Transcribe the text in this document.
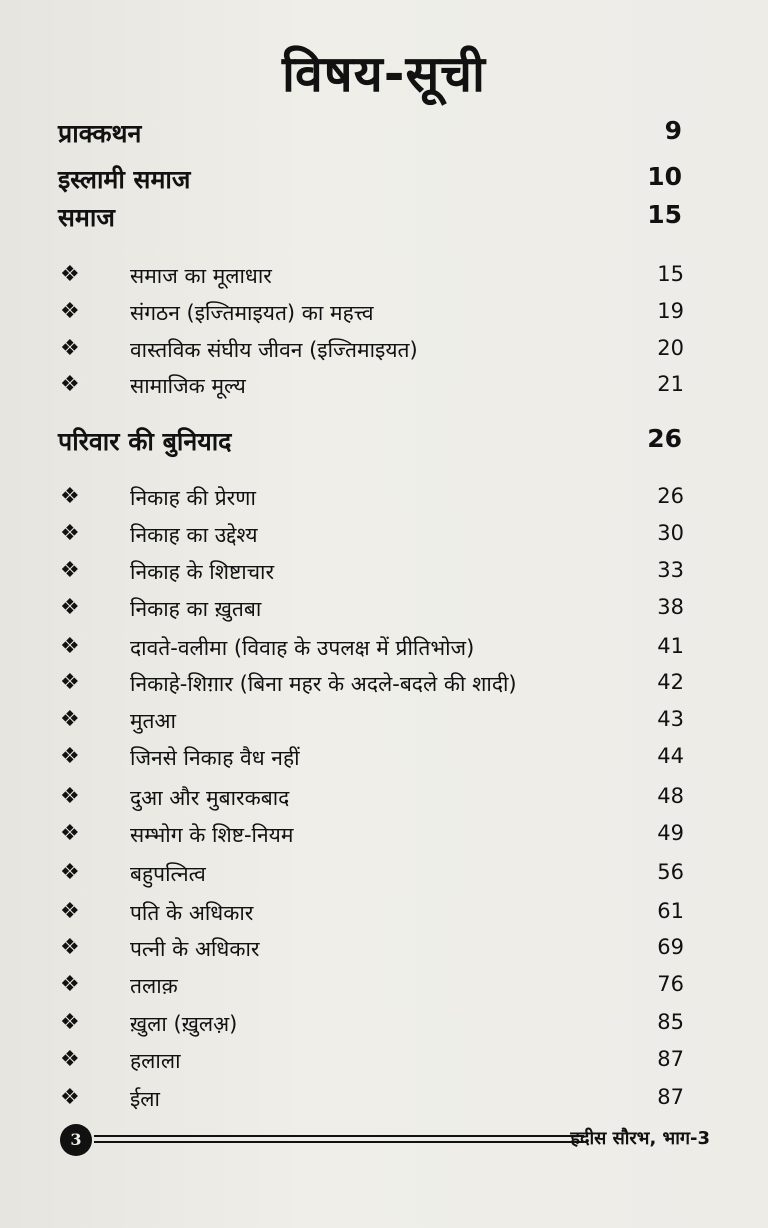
विषय-सूची
प्राक्कथन	9
इस्लामी समाज	10
समाज	15
❖ समाज का मूलाधार	15
❖ संगठन (इज्तिमाइयत) का महत्त्व	19
❖ वास्तविक संघीय जीवन (इज्तिमाइयत)	20
❖ सामाजिक मूल्य	21
परिवार की बुनियाद	26
❖ निकाह की प्रेरणा	26
❖ निकाह का उद्देश्य	30
❖ निकाह के शिष्टाचार	33
❖ निकाह का ख़ुतबा	38
❖ दावते-वलीमा (विवाह के उपलक्ष में प्रीतिभोज)	41
❖ निकाहे-शिग़ार (बिना महर के अदले-बदले की शादी)	42
❖ मुतआ	43
❖ जिनसे निकाह वैध नहीं	44
❖ दुआ और मुबारकबाद	48
❖ सम्भोग के शिष्ट-नियम	49
❖ बहुपत्नित्व	56
❖ पति के अधिकार	61
❖ पत्नी के अधिकार	69
❖ तलाक़	76
❖ ख़ुला (ख़ुलअ़)	85
❖ हलाला	87
❖ ईला	87
3	हदीस सौरभ, भाग-3
